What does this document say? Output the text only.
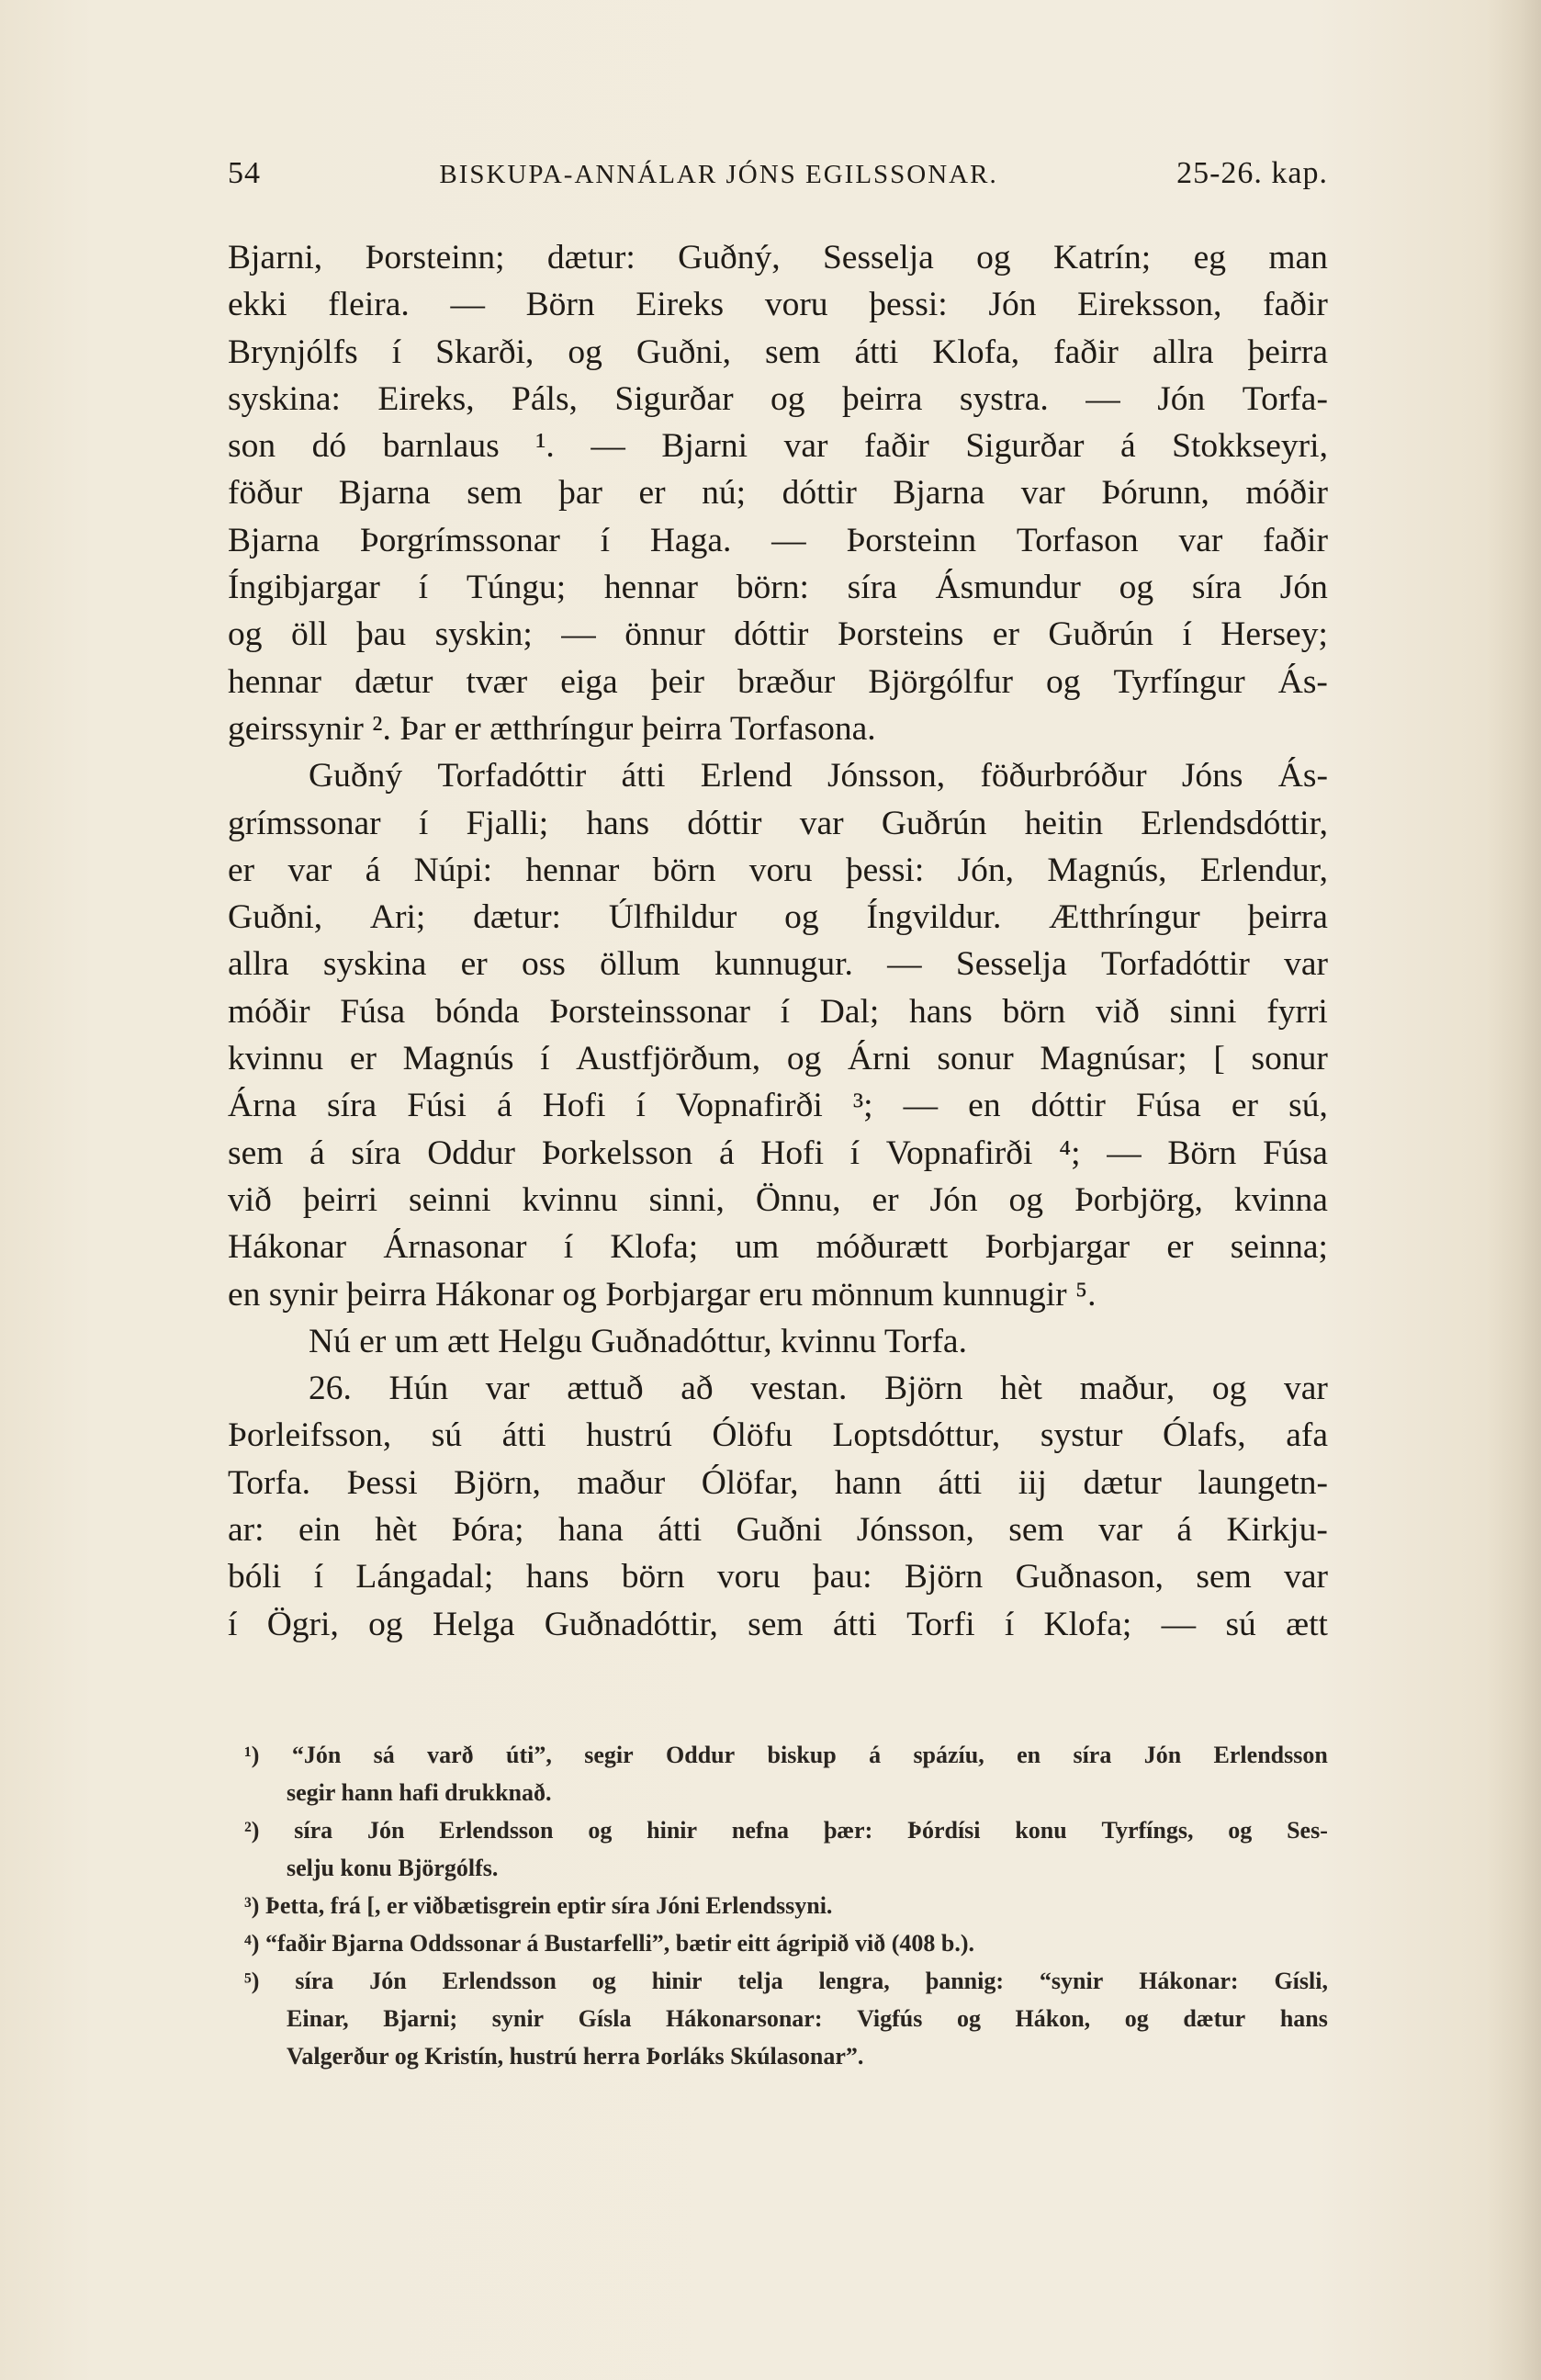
54	BISKUPA-ANNÁLAR JÓNS EGILSSONAR.	25-26. kap.
Bjarni, Þorsteinn; dætur: Guðný, Sesselja og Katrín; eg man
ekki fleira. — Börn Eireks voru þessi: Jón Eireksson, faðir
Brynjólfs í Skarði, og Guðni, sem átti Klofa, faðir allra þeirra
syskina: Eireks, Páls, Sigurðar og þeirra systra. — Jón Torfa-
son dó barnlaus ¹. — Bjarni var faðir Sigurðar á Stokkseyri,
föður Bjarna sem þar er nú; dóttir Bjarna var Þórunn, móðir
Bjarna Þorgrímssonar í Haga. — Þorsteinn Torfason var faðir
Íngibjargar í Túngu; hennar börn: síra Ásmundur og síra Jón
og öll þau syskin; — önnur dóttir Þorsteins er Guðrún í Hersey;
hennar dætur tvær eiga þeir bræður Björgólfur og Tyrfíngur Ás-
geirssynir ². Þar er ætthríngur þeirra Torfasona.
Guðný Torfadóttir átti Erlend Jónsson, föðurbróður Jóns Ás-
grímssonar í Fjalli; hans dóttir var Guðrún heitin Erlendsdóttir,
er var á Núpi: hennar börn voru þessi: Jón, Magnús, Erlendur,
Guðni, Ari; dætur: Úlfhildur og Íngvildur. Ætthríngur þeirra
allra syskina er oss öllum kunnugur. — Sesselja Torfadóttir var
móðir Fúsa bónda Þorsteinssonar í Dal; hans börn við sinni fyrri
kvinnu er Magnús í Austfjörðum, og Árni sonur Magnúsar; [ sonur
Árna síra Fúsi á Hofi í Vopnafirði ³; — en dóttir Fúsa er sú,
sem á síra Oddur Þorkelsson á Hofi í Vopnafirði ⁴; — Börn Fúsa
við þeirri seinni kvinnu sinni, Önnu, er Jón og Þorbjörg, kvinna
Hákonar Árnasonar í Klofa; um móðurætt Þorbjargar er seinna;
en synir þeirra Hákonar og Þorbjargar eru mönnum kunnugir ⁵.
Nú er um ætt Helgu Guðnadóttur, kvinnu Torfa.
26. Hún var ættuð að vestan. Björn hèt maður, og var
Þorleifsson, sú átti hustrú Ólöfu Loptsdóttur, systur Ólafs, afa
Torfa. Þessi Björn, maður Ólöfar, hann átti iij dætur laungetn-
ar: ein hèt Þóra; hana átti Guðni Jónsson, sem var á Kirkju-
bóli í Lángadal; hans börn voru þau: Björn Guðnason, sem var
í Ögri, og Helga Guðnadóttir, sem átti Torfi í Klofa; — sú ætt
¹) “Jón sá varð úti”, segir Oddur biskup á spázíu, en síra Jón Erlendsson
segir hann hafi drukknað.
²) síra Jón Erlendsson og hinir nefna þær: Þórdísi konu Tyrfíngs, og Ses-
selju konu Björgólfs.
³) Þetta, frá [, er viðbætisgrein eptir síra Jóni Erlendssyni.
⁴) “faðir Bjarna Oddssonar á Bustarfelli”, bætir eitt ágripið við (408 b.).
⁵) síra Jón Erlendsson og hinir telja lengra, þannig: “synir Hákonar: Gísli,
Einar, Bjarni; synir Gísla Hákonarsonar: Vigfús og Hákon, og dætur hans
Valgerður og Kristín, hustrú herra Þorláks Skúlasonar”.
